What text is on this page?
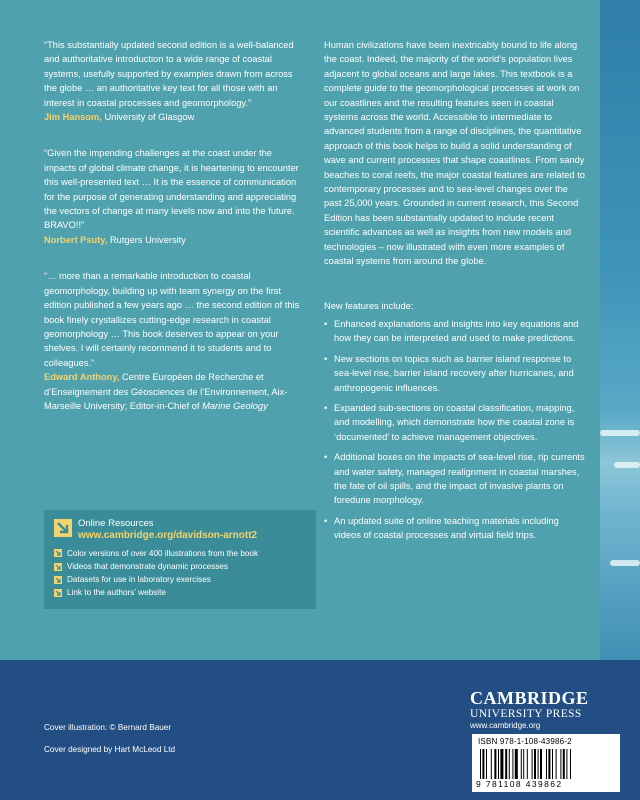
“This substantially updated second edition is a well-balanced and authoritative introduction to a wide range of coastal systems, usefully supported by examples drawn from across the globe … an authoritative key text for all those with an interest in coastal processes and geomorphology.”

Jim Hansom, University of Glasgow

“Given the impending challenges at the coast under the impacts of global climate change, it is heartening to encounter this well-presented text … It is the essence of communication for the purpose of generating understanding and appreciating the vectors of change at many levels now and into the future. BRAVO!!”

Norbert Psuty, Rutgers University

“… more than a remarkable introduction to coastal geomorphology, building up with team synergy on the first edition published a few years ago … the second edition of this book finely crystallizes cutting-edge research in coastal geomorphology … This book deserves to appear on your shelves. I will certainly recommend it to students and to colleagues.”

Edward Anthony, Centre Européen de Recherche et d’Enseignement des Géosciences de l’Environnement, Aix-Marseille University; Editor-in-Chief of Marine Geology

Online Resources
www.cambridge.org/davidson-arnott2
Color versions of over 400 illustrations from the book
Videos that demonstrate dynamic processes
Datasets for use in laboratory exercises
Link to the authors’ website

Human civilizations have been inextricably bound to life along the coast. Indeed, the majority of the world’s population lives adjacent to global oceans and large lakes. This textbook is a complete guide to the geomorphological processes at work on our coastlines and the resulting features seen in coastal systems across the world. Accessible to intermediate to advanced students from a range of disciplines, the quantitative approach of this book helps to build a solid understanding of wave and current processes that shape coastlines. From sandy beaches to coral reefs, the major coastal features are related to contemporary processes and to sea-level changes over the past 25,000 years. Grounded in current research, this Second Edition has been substantially updated to include recent scientific advances as well as insights from new models and technologies – now illustrated with even more examples of coastal systems from around the globe.

New features include:

• Enhanced explanations and insights into key equations and how they can be interpreted and used to make predictions.
• New sections on topics such as barrier island response to sea-level rise, barrier island recovery after hurricanes, and anthropogenic influences.
• Expanded sub-sections on coastal classification, mapping, and modelling, which demonstrate how the coastal zone is ‘documented’ to achieve management objectives.
• Additional boxes on the impacts of sea-level rise, rip currents and water safety, managed realignment in coastal marshes, the fate of oil spills, and the impact of invasive plants on foredune morphology.
• An updated suite of online teaching materials including videos of coastal processes and virtual field trips.
Cover illustration: © Bernard Bauer
Cover designed by Hart McLeod Ltd
CAMBRIDGE
UNIVERSITY PRESS
www.cambridge.org
ISBN 978-1-108-43986-2
9 781108 439862
